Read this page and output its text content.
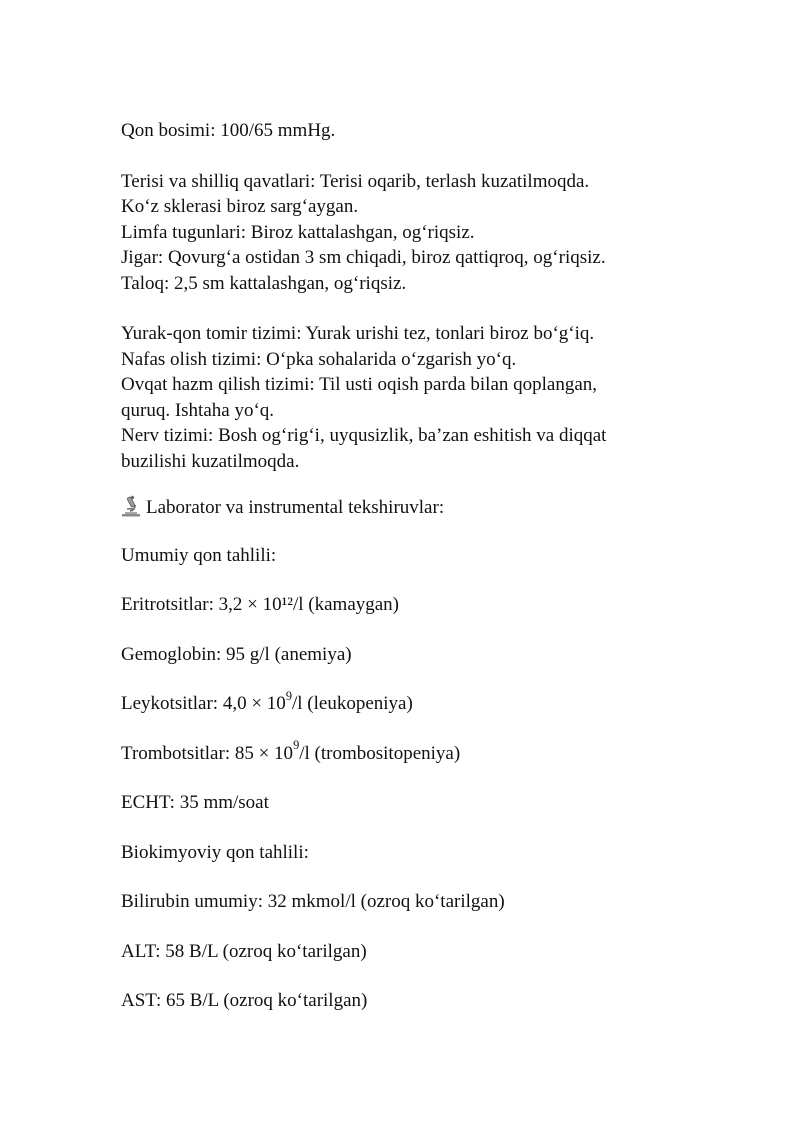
Qon bosimi: 100/65 mmHg.
Terisi va shilliq qavatlari: Terisi oqarib, terlash kuzatilmoqda.
Ko‘z sklerasi biroz sarg‘aygan.
Limfa tugunlari: Biroz kattalashgan, og‘riqsiz.
Jigar: Qovurg‘a ostidan 3 sm chiqadi, biroz qattiqroq, og‘riqsiz.
Taloq: 2,5 sm kattalashgan, og‘riqsiz.
Yurak-qon tomir tizimi: Yurak urishi tez, tonlari biroz bo‘g‘iq.
Nafas olish tizimi: O‘pka sohalarida o‘zgarish yo‘q.
Ovqat hazm qilish tizimi: Til usti oqish parda bilan qoplangan,
quruq. Ishtaha yo‘q.
Nerv tizimi: Bosh og‘rig‘i, uyqusizlik, ba’zan eshitish va diqqat
buzilishi kuzatilmoqda.
Laborator va instrumental tekshiruvlar:
Umumiy qon tahlili:
Eritrotsitlar: 3,2 × 10¹²/l (kamaygan)
Gemoglobin: 95 g/l (anemiya)
Leykotsitlar: $4,0 \times 10^9/l$ (leukopeniya)
Trombotsitlar: $85 \times 10^9/l$ (trombositopeniya)
ECHT: 35 mm/soat
Biokimyoviy qon tahlili:
Bilirubin umumiy: 32 mkmol/l (ozroq ko‘tarilgan)
ALT: 58 B/L (ozroq ko‘tarilgan)
AST: 65 B/L (ozroq ko‘tarilgan)
